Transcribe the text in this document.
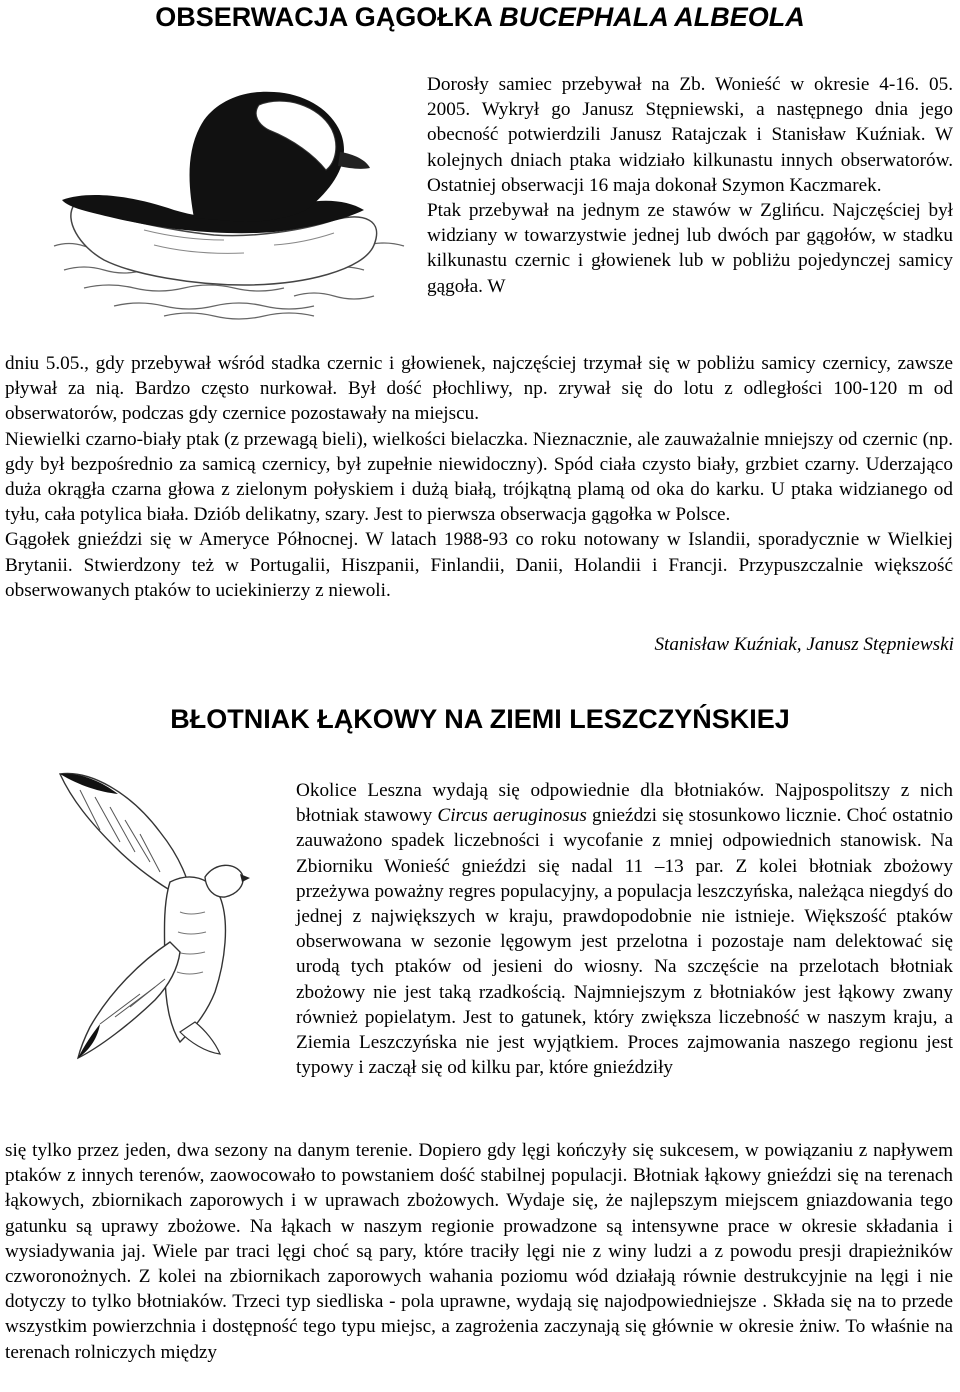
OBSERWACJA GĄGOŁKA BUCEPHALA ALBEOLA

Dorosły samiec przebywał na Zb. Wonieść w okresie 4-16. 05. 2005. Wykrył go Janusz Stępniewski, a następnego dnia jego obecność potwierdzili Janusz Ratajczak i Stanisław Kuźniak. W kolejnych dniach ptaka widziało kilkunastu innych obserwatorów. Ostatniej obserwacji 16 maja dokonał Szymon Kaczmarek.

Ptak przebywał na jednym ze stawów w Zglińcu. Najczęściej był widziany w towarzystwie jednej lub dwóch par gągołów, w stadku kilkunastu czernic i głowienek lub w pobliżu pojedynczej samicy gągoła. W

dniu 5.05., gdy przebywał wśród stadka czernic i głowienek, najczęściej trzymał się w pobliżu samicy czernicy, zawsze pływał za nią. Bardzo często nurkował. Był dość płochliwy, np. zrywał się do lotu z odległości 100-120 m od obserwatorów, podczas gdy czernice pozostawały na miejscu.

Niewielki czarno-biały ptak (z przewagą bieli), wielkości bielaczka. Nieznacznie, ale zauważalnie mniejszy od czernic (np. gdy był bezpośrednio za samicą czernicy, był zupełnie niewidoczny). Spód ciała czysto biały, grzbiet czarny. Uderzająco duża okrągła czarna głowa z zielonym połyskiem i dużą białą, trójkątną plamą od oka do karku. U ptaka widzianego od tyłu, cała potylica biała. Dziób delikatny, szary. Jest to pierwsza obserwacja gągołka w Polsce.

Gągołek gnieździ się w Ameryce Północnej. W latach 1988-93 co roku notowany w Islandii, sporadycznie w Wielkiej Brytanii. Stwierdzony też w Portugalii, Hiszpanii, Finlandii, Danii, Holandii i Francji. Przypuszczalnie większość obserwowanych ptaków to uciekinierzy z niewoli.

Stanisław Kuźniak, Janusz Stępniewski
BŁOTNIAK ŁĄKOWY NA ZIEMI LESZCZYŃSKIEJ

Okolice Leszna wydają się odpowiednie dla błotniaków. Najpospolitszy z nich błotniak stawowy Circus aeruginosus gnieździ się stosunkowo licznie. Choć ostatnio zauważono spadek liczebności i wycofanie z mniej odpowiednich stanowisk. Na Zbiorniku Wonieść gnieździ się nadal 11 –13 par. Z kolei błotniak zbożowy przeżywa poważny regres populacyjny, a populacja leszczyńska, należąca niegdyś do jednej z największych w kraju, prawdopodobnie nie istnieje. Większość ptaków obserwowana w sezonie lęgowym jest przelotna i pozostaje nam delektować się urodą tych ptaków od jesieni do wiosny. Na szczęście na przelotach błotniak zbożowy nie jest taką rzadkością. Najmniejszym z błotniaków jest łąkowy zwany również popielatym. Jest to gatunek, który zwiększa liczebność w naszym kraju, a Ziemia Leszczyńska nie jest wyjątkiem. Proces zajmowania naszego regionu jest typowy i zaczął się od kilku par, które gnieździły

się tylko przez jeden, dwa sezony na danym terenie. Dopiero gdy lęgi kończyły się sukcesem, w powiązaniu z napływem ptaków z innych terenów, zaowocowało to powstaniem dość stabilnej populacji. Błotniak łąkowy gnieździ się na terenach łąkowych, zbiornikach zaporowych i w uprawach zbożowych. Wydaje się, że najlepszym miejscem gniazdowania tego gatunku są uprawy zbożowe. Na łąkach w naszym regionie prowadzone są intensywne prace w okresie składania i wysiadywania jaj. Wiele par traci lęgi choć są pary, które traciły lęgi nie z winy ludzi a z powodu presji drapieżników czworonożnych. Z kolei na zbiornikach zaporowych wahania poziomu wód działają równie destrukcyjnie na lęgi i nie dotyczy to tylko błotniaków. Trzeci typ siedliska - pola uprawne, wydają się najodpowiedniejsze . Składa się na to przede wszystkim powierzchnia i dostępność tego typu miejsc, a zagrożenia zaczynają się głównie w okresie żniw. To właśnie na terenach rolniczych między
